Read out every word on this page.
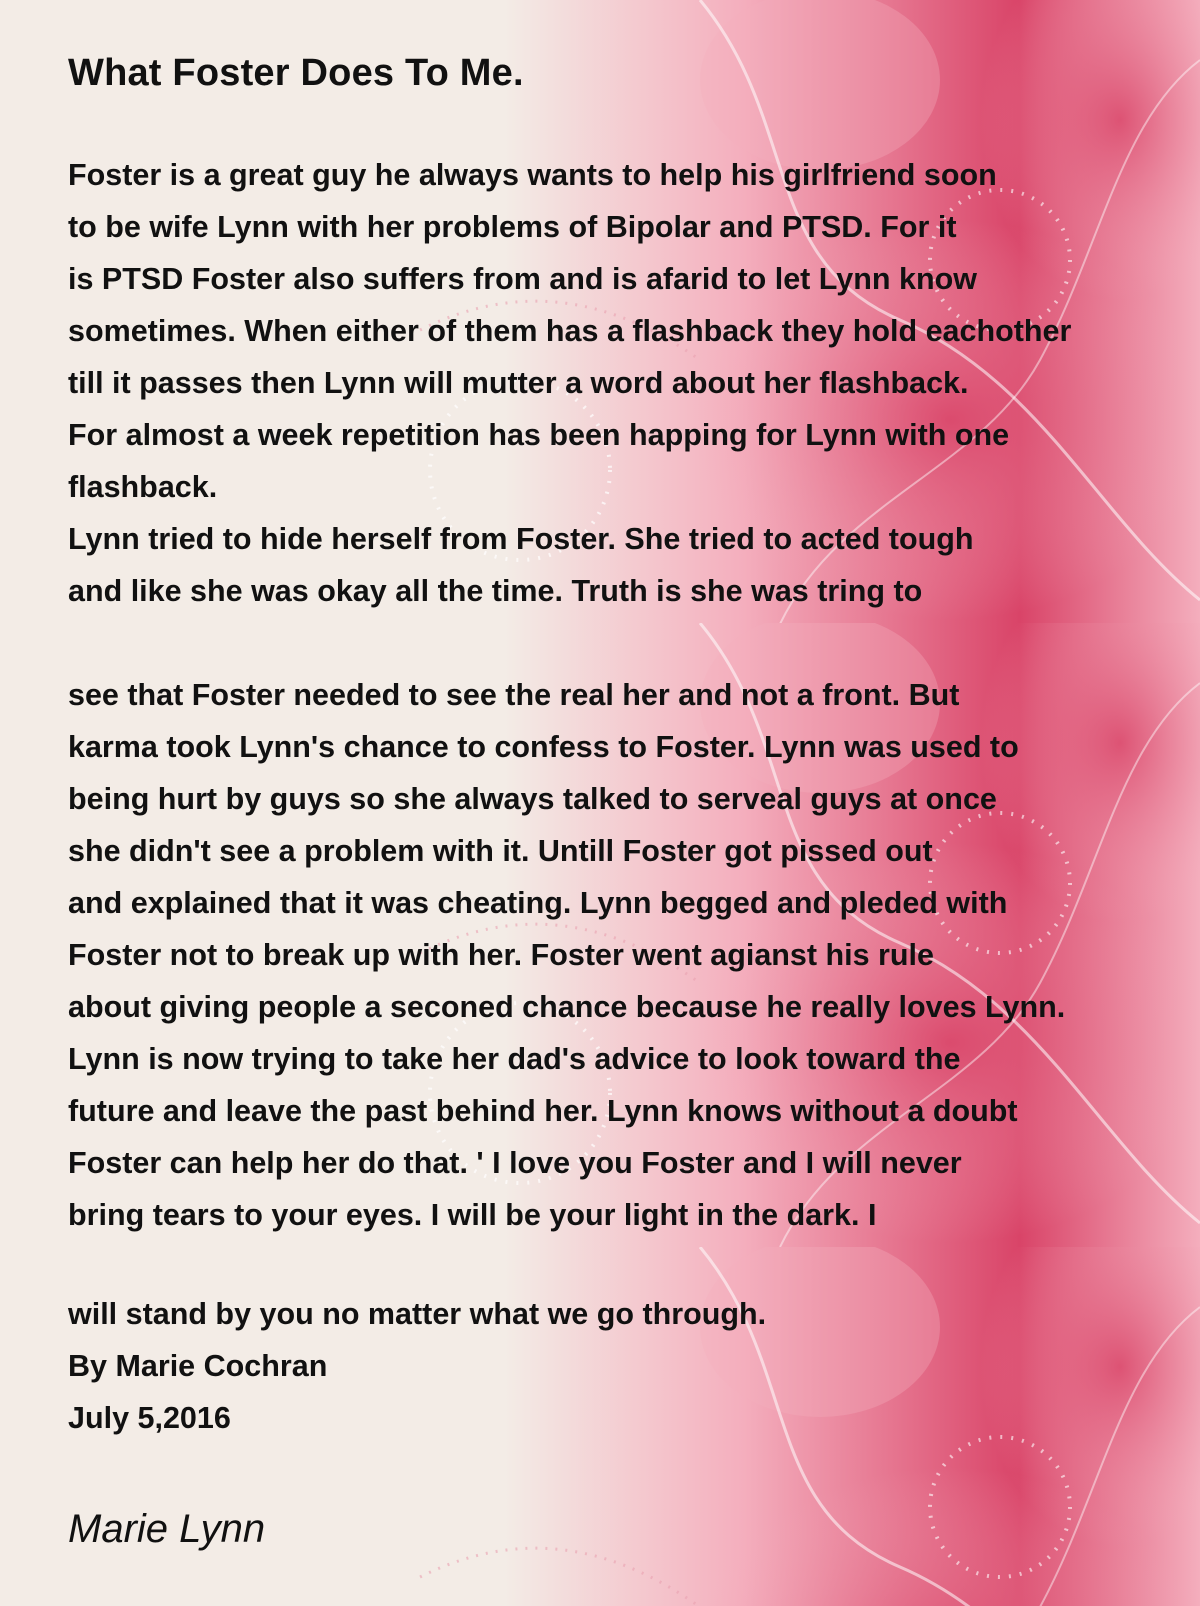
What Foster Does To Me.

Foster is a great guy he always wants to help his girlfriend soon

to be wife Lynn with her problems of Bipolar and PTSD. For it

is PTSD Foster also suffers from and is afarid to let Lynn know

sometimes. When either of them has a flashback they hold eachother

till it passes then Lynn will mutter a word about her flashback.

For almost a week repetition has been happing for Lynn with one

flashback.

Lynn tried to hide herself from Foster. She tried to acted tough

and like she was okay all the time. Truth is she was tring to

see that Foster needed to see the real her and not a front. But

karma took Lynn's chance to confess to Foster. Lynn was used to

being hurt by guys so she always talked to serveal guys at once

she didn't see a problem with it. Untill Foster got pissed out

and explained that it was cheating. Lynn begged and pleded with

Foster not to break up with her. Foster went agianst his rule

about giving people a seconed chance because he really loves Lynn.

Lynn is now trying to take her dad's advice to look toward the

future and leave the past behind her. Lynn knows without a doubt

Foster can help her do that. ' I love you Foster and I will never

bring tears to your eyes. I will be your light in the dark. I

will stand by you no matter what we go through.

By Marie Cochran

July 5,2016

Marie Lynn
